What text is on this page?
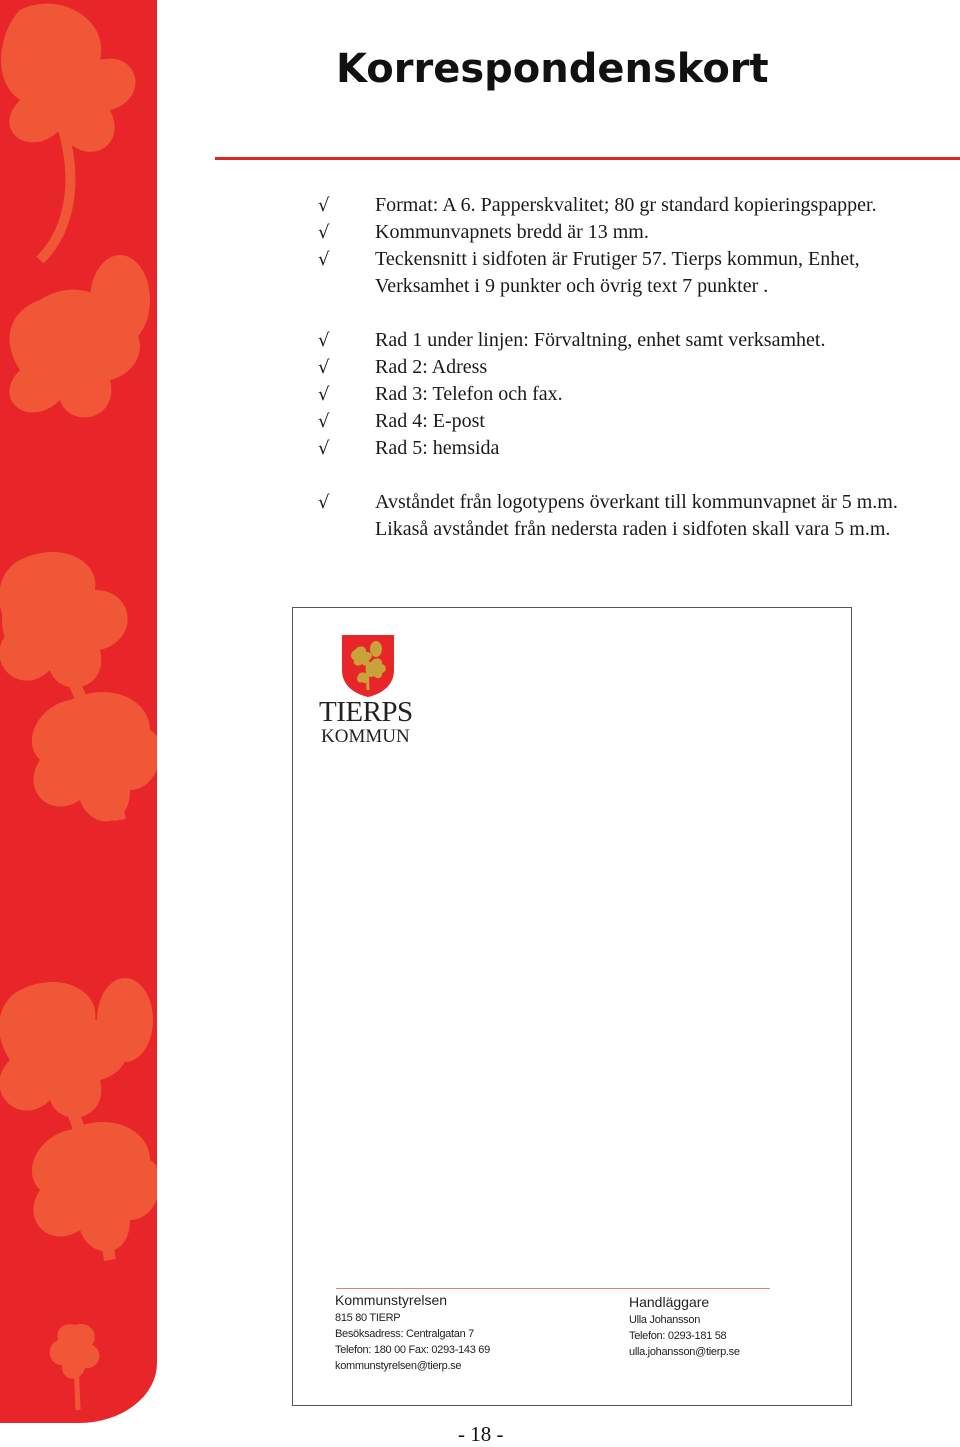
Korrespondenskort
√	Format: A 6. Papperskvalitet; 80 gr standard kopieringspapper.
√	Kommunvapnets bredd är 13 mm.
√	Teckensnitt i sidfoten är Frutiger 57. Tierps kommun, Enhet,
Verksamhet i 9 punkter och övrig text 7 punkter .
√	Rad 1 under linjen: Förvaltning, enhet samt verksamhet.
√	Rad 2: Adress
√	Rad 3: Telefon och fax.
√	Rad 4: E-post
√	Rad 5: hemsida
√	Avståndet från logotypens överkant till kommunvapnet är 5 m.m.
Likaså avståndet från nedersta raden i sidfoten skall vara 5 m.m.
TIERPS
KOMMUN
Kommunstyrelsen
815 80 TIERP
Besöksadress: Centralgatan 7
Telefon: 180 00 Fax: 0293-143 69
kommunstyrelsen@tierp.se
Handläggare
Ulla Johansson
Telefon: 0293-181 58
ulla.johansson@tierp.se
- 18 -
